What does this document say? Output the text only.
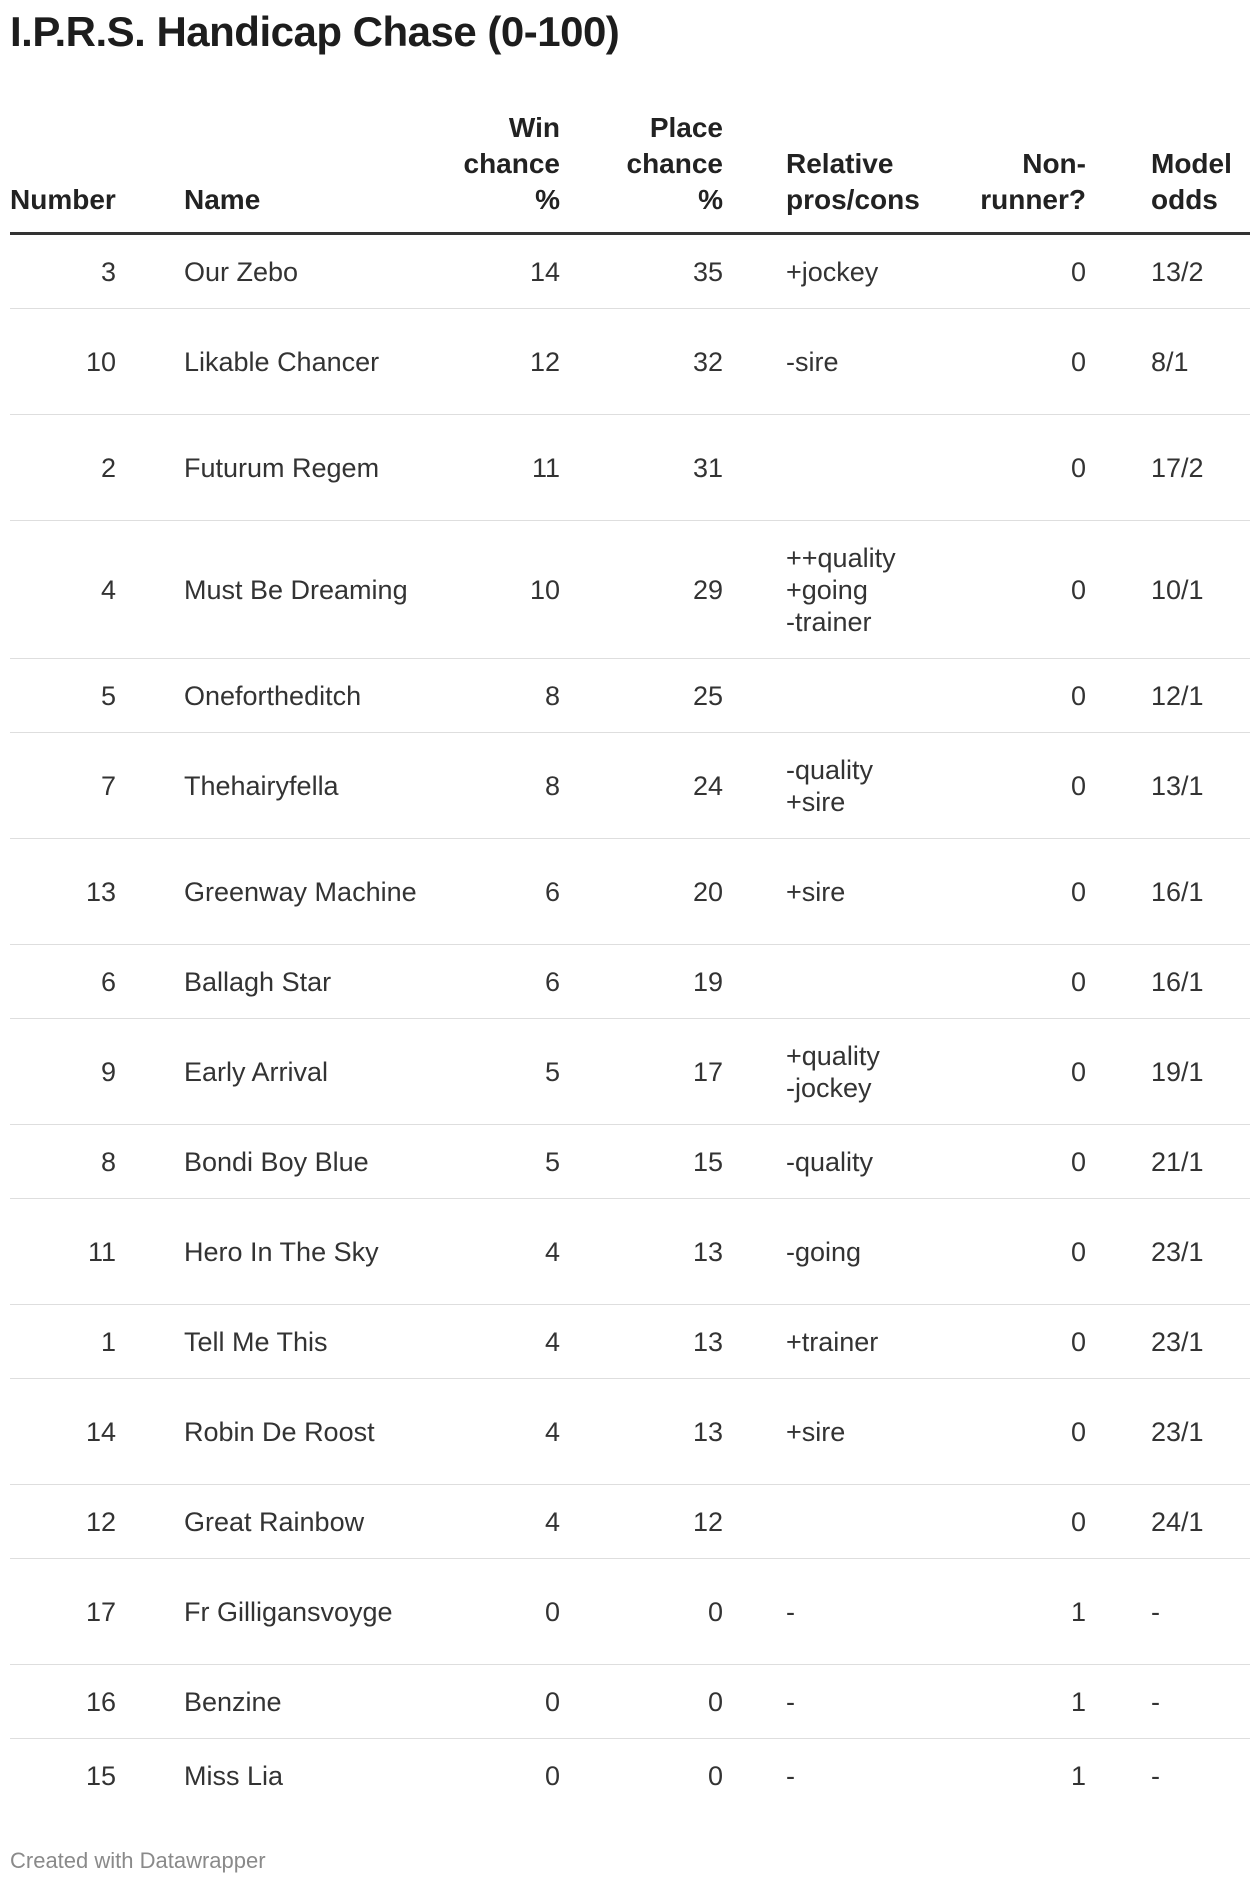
I.P.R.S. Handicap Chase (0-100)
Number	Name	Win
chance
%	Place
chance
%	Relative
pros/cons	Non-
runner?	Model
odds
3	Our Zebo	14	35	+jockey	0	13/2
10	Likable Chancer	12	32	-sire	0	8/1
2	Futurum Regem	11	31		0	17/2
4	Must Be Dreaming	10	29	++quality
+going
-trainer	0	10/1
5	Onefortheditch	8	25		0	12/1
7	Thehairyfella	8	24	-quality
+sire	0	13/1
13	Greenway Machine	6	20	+sire	0	16/1
6	Ballagh Star	6	19		0	16/1
9	Early Arrival	5	17	+quality
-jockey	0	19/1
8	Bondi Boy Blue	5	15	-quality	0	21/1
11	Hero In The Sky	4	13	-going	0	23/1
1	Tell Me This	4	13	+trainer	0	23/1
14	Robin De Roost	4	13	+sire	0	23/1
12	Great Rainbow	4	12		0	24/1
17	Fr Gilligansvoyge	0	0	-	1	-
16	Benzine	0	0	-	1	-
15	Miss Lia	0	0	-	1	-
Created with Datawrapper
